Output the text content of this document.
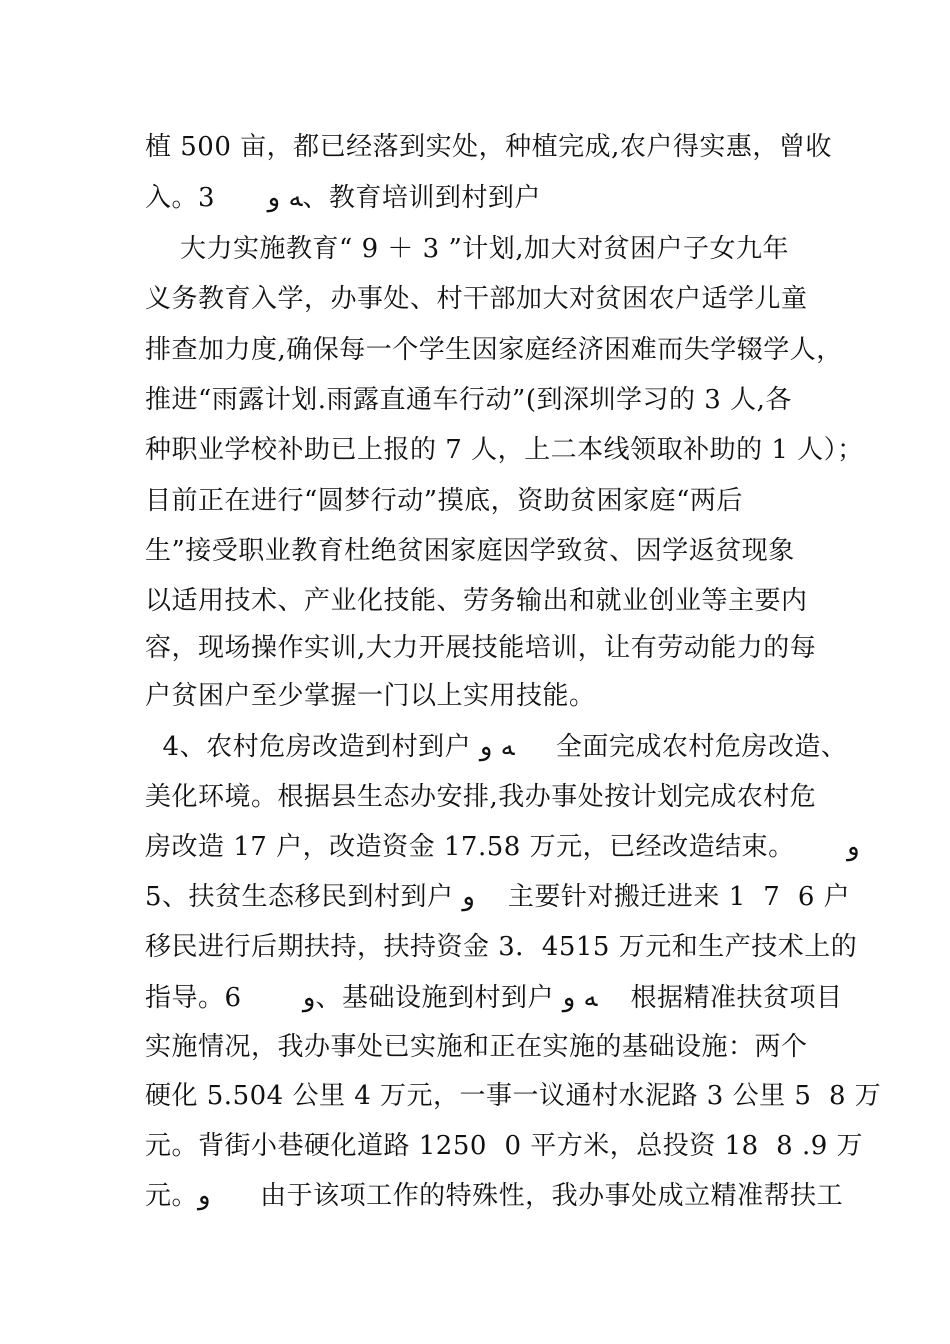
植 500 亩，都已经落到实处，种植完成,农户得实惠，曾收
入。3      ﻪ و、教育培训到村到户
大力实施教育“ 9 ＋ 3 ”计划,加大对贫困户子女九年
义务教育入学，办事处、村干部加大对贫困农户适学儿童
排查加力度,确保每一个学生因家庭经济困难而失学辍学人，
推进“雨露计划.雨露直通车行动”(到深圳学习的 3 人,各
种职业学校补助已上报的 7 人，上二本线领取补助的 1 人）；
目前正在进行“圆梦行动”摸底，资助贫困家庭“两后
生”接受职业教育杜绝贫困家庭因学致贫、因学返贫现象
以适用技术、产业化技能、劳务输出和就业创业等主要内
容，现场操作实训,大力开展技能培训，让有劳动能力的每
户贫困户至少掌握一门以上实用技能。
4、农村危房改造到村到户 ﻪ و     全面完成农村危房改造、
美化环境。根据县生态办安排,我办事处按计划完成农村危
房改造 17 户，改造资金 17.58 万元，已经改造结束。      و
5、扶贫生态移民到村到户 و    主要针对搬迁进来 1  7  6 户
移民进行后期扶持，扶持资金 3．4515 万元和生产技术上的
指导。6       و、基础设施到村到户 ﻪ و    根据精准扶贫项目
实施情况，我办事处已实施和正在实施的基础设施：两个
硬化 5.504 公里 4 万元，一事一议通村水泥路 3 公里 5  8 万
元。背街小巷硬化道路 1250  0 平方米，总投资 18  8 .9 万
元。و      由于该项工作的特殊性，我办事处成立精准帮扶工
